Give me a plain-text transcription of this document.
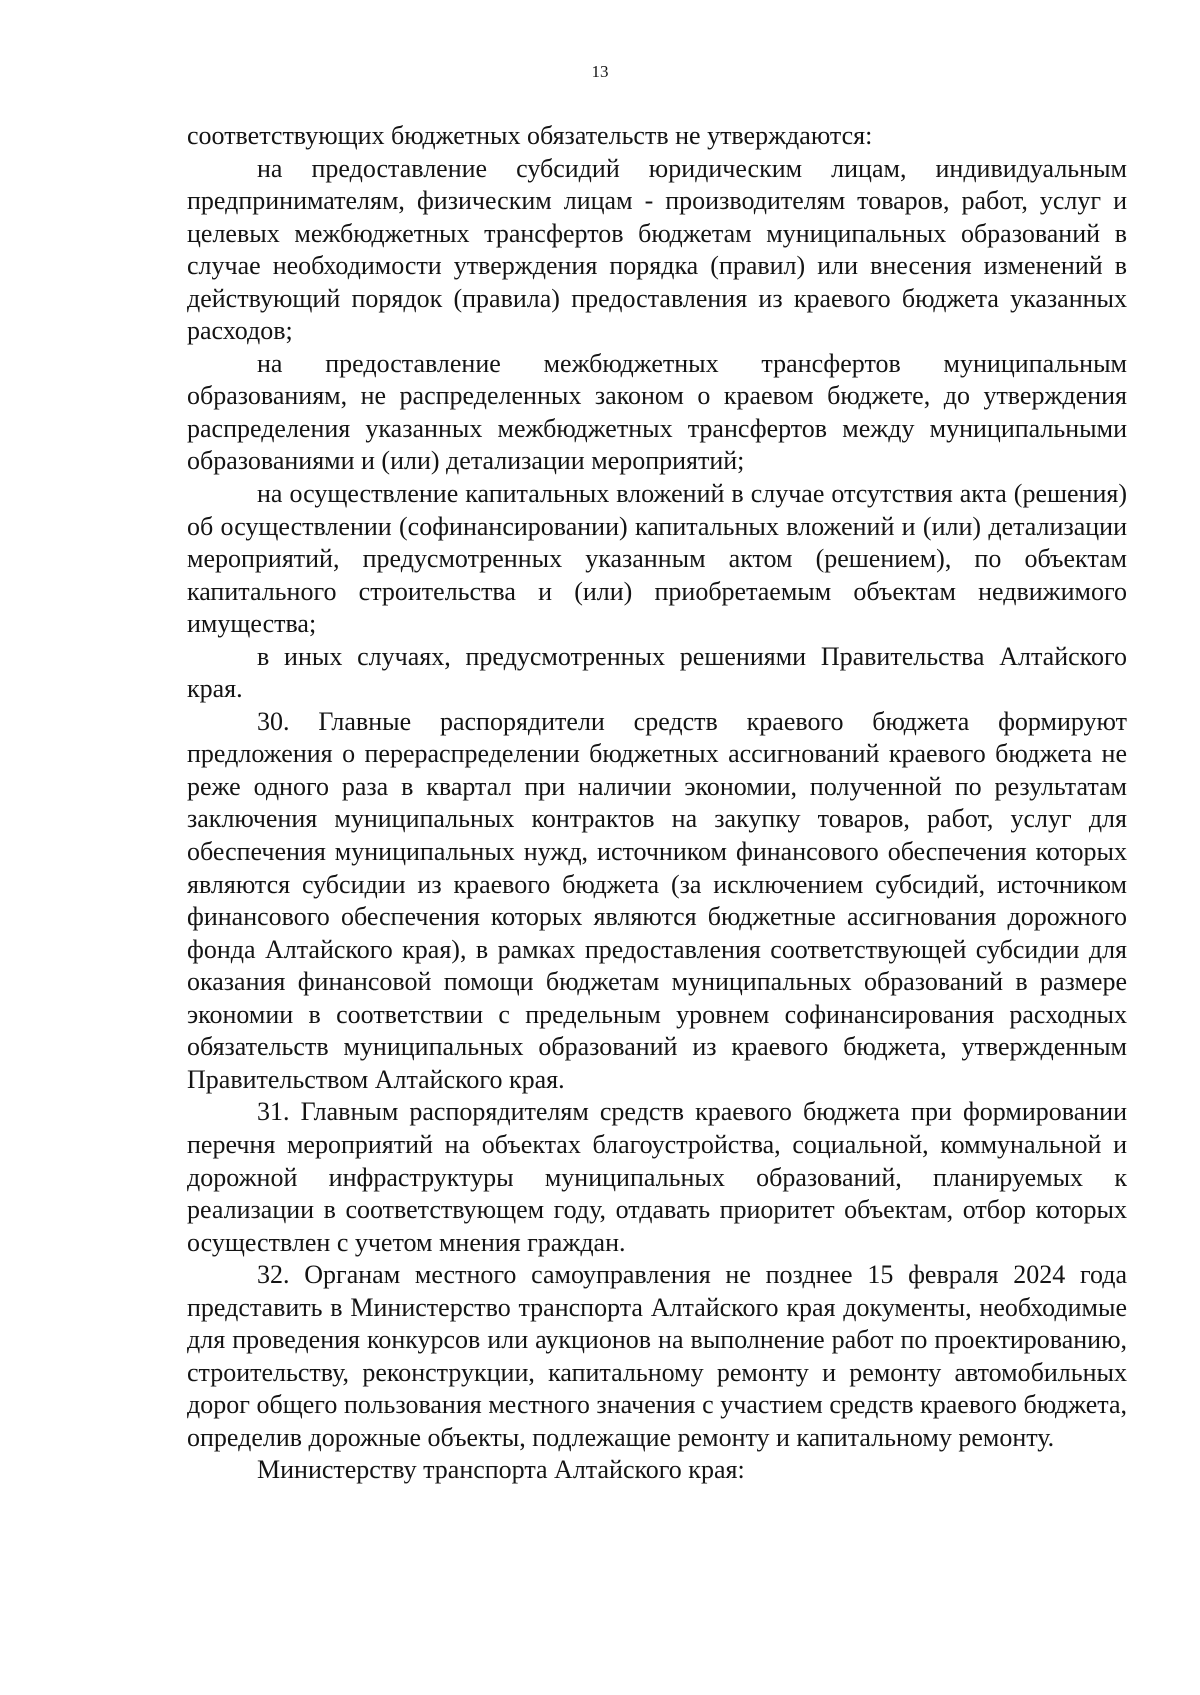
13

соответствующих бюджетных обязательств не утверждаются:

на предоставление субсидий юридическим лицам, индивидуальным предпринимателям, физическим лицам - производителям товаров, работ, услуг и целевых межбюджетных трансфертов бюджетам муниципальных образований в случае необходимости утверждения порядка (правил) или внесения изменений в действующий порядок (правила) предоставления из краевого бюджета указанных расходов;

на предоставление межбюджетных трансфертов муниципальным образованиям, не распределенных законом о краевом бюджете, до утверждения распределения указанных межбюджетных трансфертов между муниципальными образованиями и (или) детализации мероприятий;

на осуществление капитальных вложений в случае отсутствия акта (решения) об осуществлении (софинансировании) капитальных вложений и (или) детализации мероприятий, предусмотренных указанным актом (решением), по объектам капитального строительства и (или) приобретаемым объектам недвижимого имущества;

в иных случаях, предусмотренных решениями Правительства Алтайского края.

30. Главные распорядители средств краевого бюджета формируют предложения о перераспределении бюджетных ассигнований краевого бюджета не реже одного раза в квартал при наличии экономии, полученной по результатам заключения муниципальных контрактов на закупку товаров, работ, услуг для обеспечения муниципальных нужд, источником финансового обеспечения которых являются субсидии из краевого бюджета (за исключением субсидий, источником финансового обеспечения которых являются бюджетные ассигнования дорожного фонда Алтайского края), в рамках предоставления соответствующей субсидии для оказания финансовой помощи бюджетам муниципальных образований в размере экономии в соответствии с предельным уровнем софинансирования расходных обязательств муниципальных образований из краевого бюджета, утвержденным Правительством Алтайского края.

31. Главным распорядителям средств краевого бюджета при формировании перечня мероприятий на объектах благоустройства, социальной, коммунальной и дорожной инфраструктуры муниципальных образований, планируемых к реализации в соответствующем году, отдавать приоритет объектам, отбор которых осуществлен с учетом мнения граждан.

32. Органам местного самоуправления не позднее 15 февраля 2024 года представить в Министерство транспорта Алтайского края документы, необходимые для проведения конкурсов или аукционов на выполнение работ по проектированию, строительству, реконструкции, капитальному ремонту и ремонту автомобильных дорог общего пользования местного значения с участием средств краевого бюджета, определив дорожные объекты, подлежащие ремонту и капитальному ремонту.

Министерству транспорта Алтайского края:
